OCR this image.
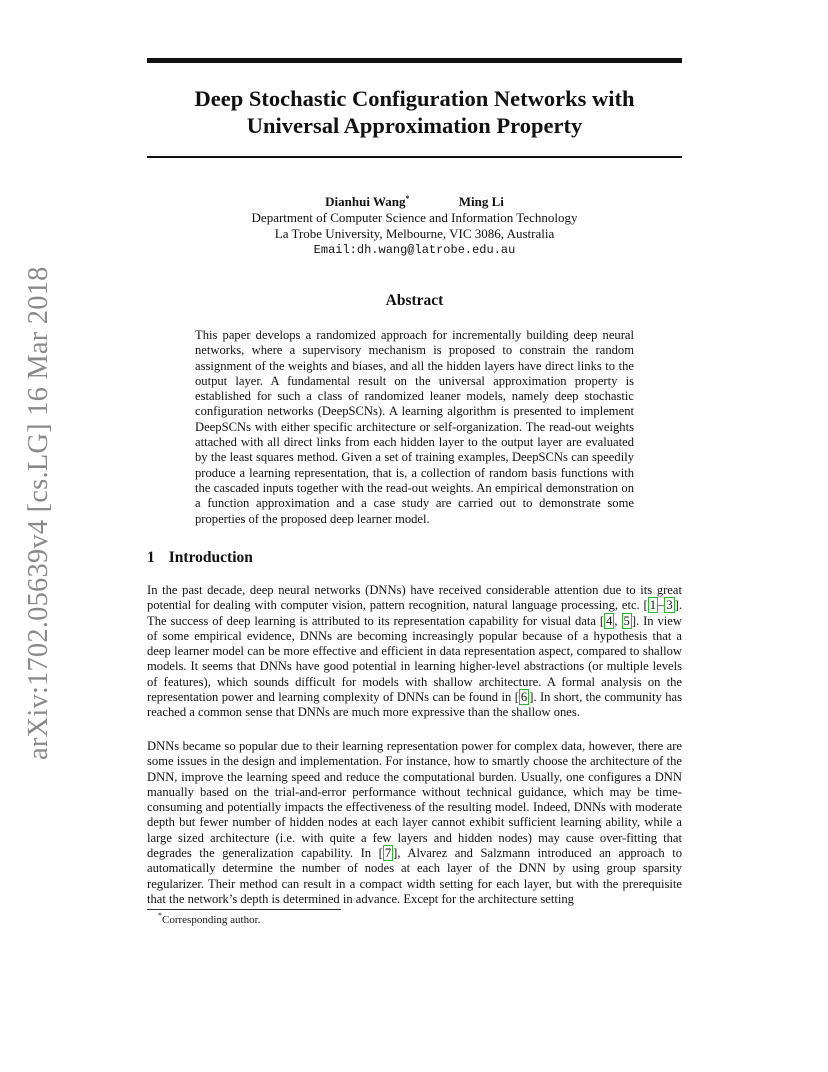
Deep Stochastic Configuration Networks with
Universal Approximation Property
Dianhui Wang*	Ming Li
Department of Computer Science and Information Technology
La Trobe University, Melbourne, VIC 3086, Australia
Email:dh.wang@latrobe.edu.au
arXiv:1702.05639v4 [cs.LG] 16 Mar 2018	Abstract

This paper develops a randomized approach for incrementally building deep neural networks, where a supervisory mechanism is proposed to constrain the random assignment of the weights and biases, and all the hidden layers have direct links to the output layer. A fundamental result on the universal approximation property is established for such a class of randomized leaner models, namely deep stochastic configuration networks (DeepSCNs). A learning algorithm is presented to implement DeepSCNs with either specific architecture or self-organization. The read-out weights attached with all direct links from each hidden layer to the output layer are evaluated by the least squares method. Given a set of training examples, DeepSCNs can speedily produce a learning representation, that is, a collection of random basis functions with the cascaded inputs together with the read-out weights. An empirical demonstration on a function approximation and a case study are carried out to demonstrate some properties of the proposed deep learner model.

1 Introduction

In the past decade, deep neural networks (DNNs) have received considerable attention due to its great potential for dealing with computer vision, pattern recognition, natural language processing, etc. [ 1 – 3 ]. The success of deep learning is attributed to its representation capability for visual data [ 4 , 5 ]. In view of some empirical evidence, DNNs are becoming increasingly popular because of a hypothesis that a deep learner model can be more effective and efficient in data representation aspect, compared to shallow models. It seems that DNNs have good potential in learning higher-level abstractions (or multiple levels of features), which sounds difficult for models with shallow architecture. A formal analysis on the representation power and learning complexity of DNNs can be found in [ 6 ]. In short, the community has reached a common sense that DNNs are much more expressive than the shallow ones.

DNNs became so popular due to their learning representation power for complex data, however, there are some issues in the design and implementation. For instance, how to smartly choose the architecture of the DNN, improve the learning speed and reduce the computational burden. Usually, one configures a DNN manually based on the trial-and-error performance without technical guidance, which may be time-consuming and potentially impacts the effectiveness of the resulting model. Indeed, DNNs with moderate depth but fewer number of hidden nodes at each layer cannot exhibit sufficient learning ability, while a large sized architecture (i.e. with quite a few layers and hidden nodes) may cause over-fitting that degrades the generalization capability. In [ 7 ], Alvarez and Salzmann introduced an approach to automatically determine the number of nodes at each layer of the DNN by using group sparsity regularizer. Their method can result in a compact width setting for each layer, but with the prerequisite that the network’s depth is determined in advance. Except for the architecture setting

*Corresponding author.
